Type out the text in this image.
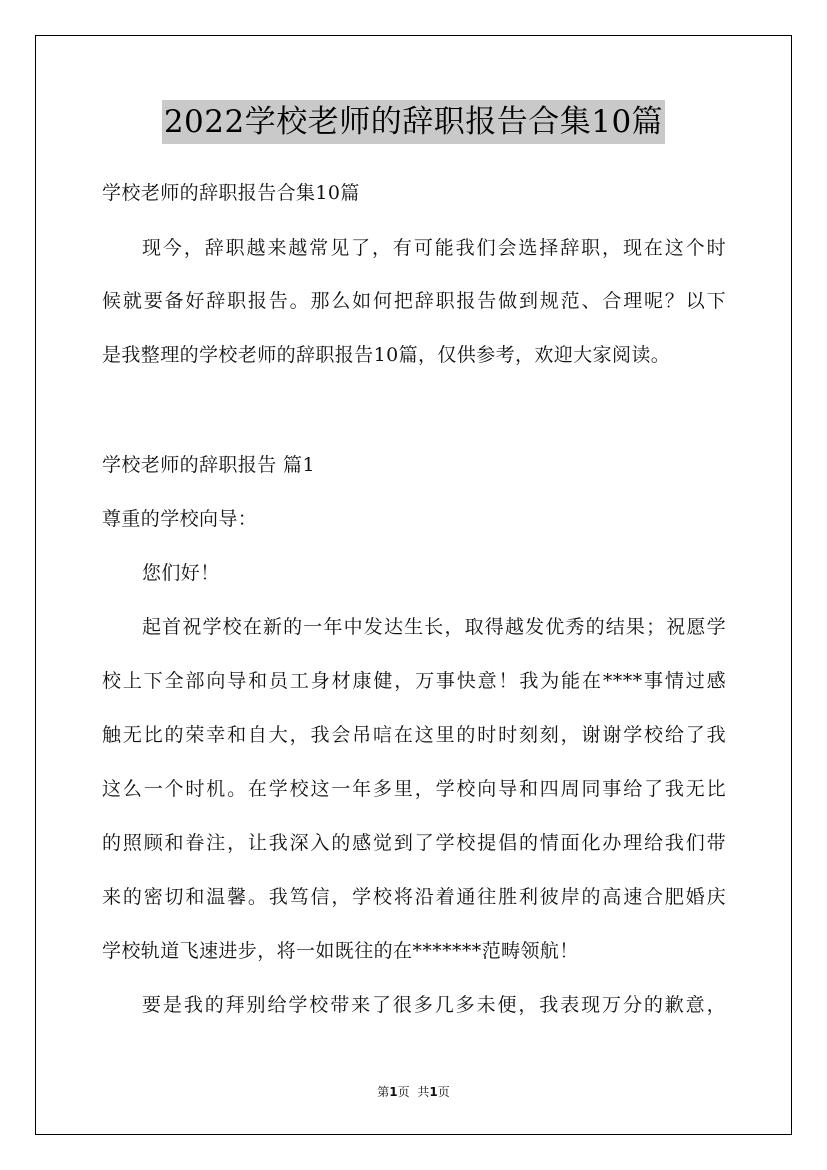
2022学校老师的辞职报告合集10篇
学校老师的辞职报告合集10篇
现今，辞职越来越常见了，有可能我们会选择辞职，现在这个时
候就要备好辞职报告。那么如何把辞职报告做到规范、合理呢？以下
是我整理的学校老师的辞职报告10篇，仅供参考，欢迎大家阅读。
学校老师的辞职报告 篇1
尊重的学校向导：
您们好！
起首祝学校在新的一年中发达生长，取得越发优秀的结果；祝愿学
校上下全部向导和员工身材康健，万事快意！我为能在****事情过感
触无比的荣幸和自大，我会吊唁在这里的时时刻刻，谢谢学校给了我
这么一个时机。在学校这一年多里，学校向导和四周同事给了我无比
的照顾和眷注，让我深入的感觉到了学校提倡的情面化办理给我们带
来的密切和温馨。我笃信，学校将沿着通往胜利彼岸的高速合肥婚庆
学校轨道飞速进步，将一如既往的在*******范畴领航！
要是我的拜别给学校带来了很多几多未便，我表现万分的歉意，
第1页 共1页
